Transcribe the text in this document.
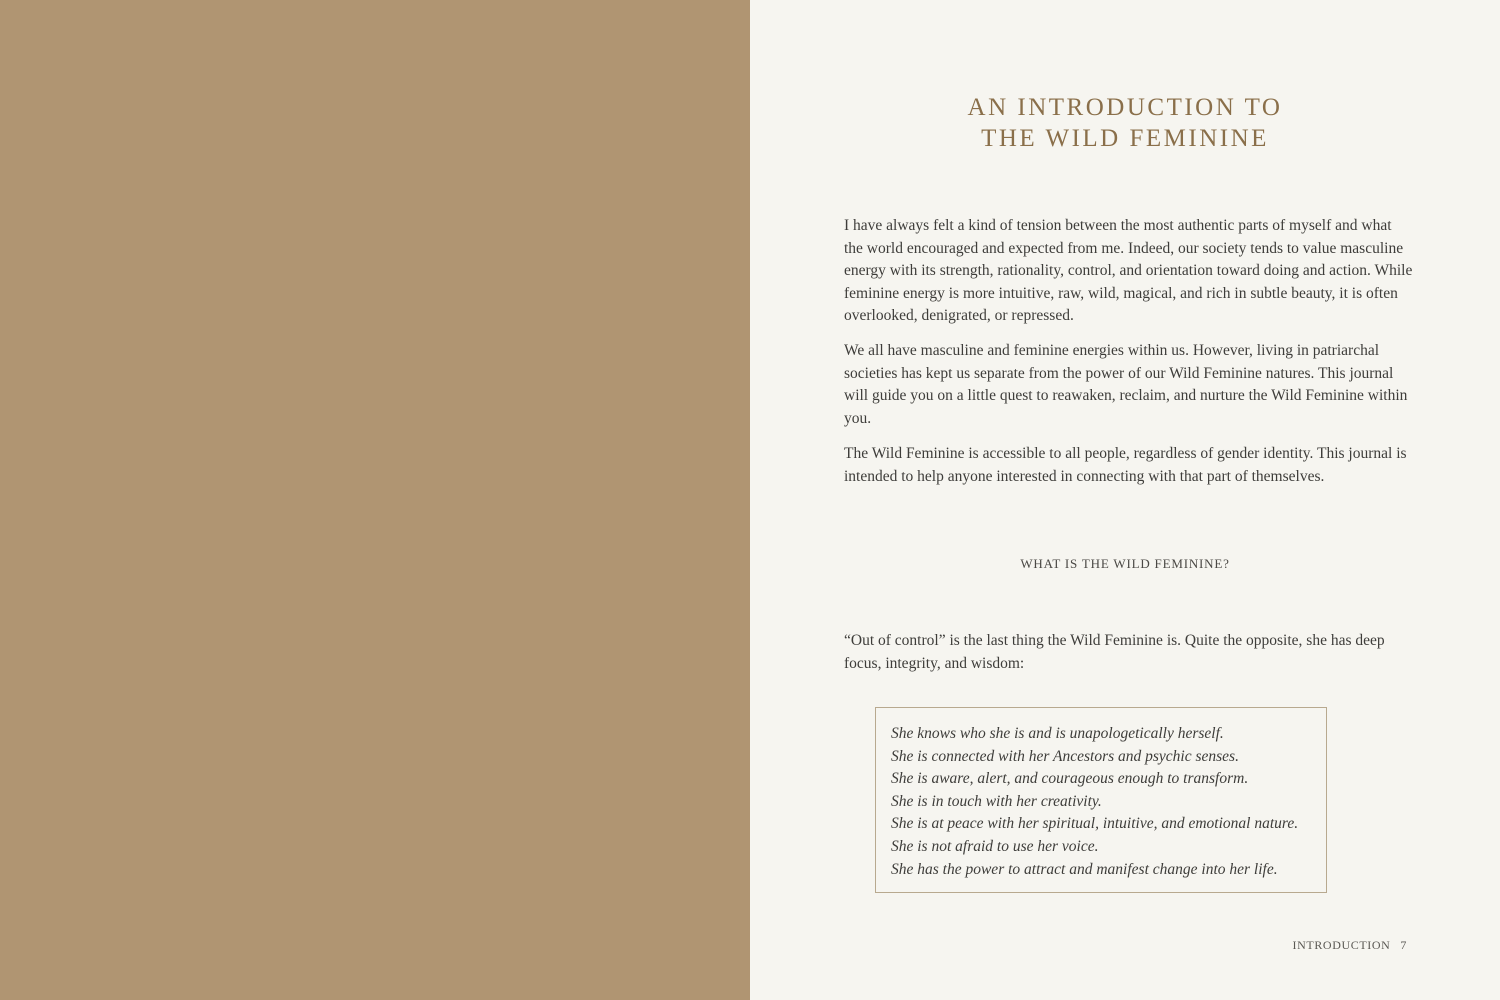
AN INTRODUCTION TO
THE WILD FEMININE

I have always felt a kind of tension between the most authentic parts of myself and what the world encouraged and expected from me. Indeed, our society tends to value masculine energy with its strength, rationality, control, and orientation toward doing and action. While feminine energy is more intuitive, raw, wild, magical, and rich in subtle beauty, it is often overlooked, denigrated, or repressed.

We all have masculine and feminine energies within us. However, living in patriarchal societies has kept us separate from the power of our Wild Feminine natures. This journal will guide you on a little quest to reawaken, reclaim, and nurture the Wild Feminine within you.

The Wild Feminine is accessible to all people, regardless of gender identity. This journal is intended to help anyone interested in connecting with that part of themselves.

WHAT IS THE WILD FEMININE?

“Out of control” is the last thing the Wild Feminine is. Quite the opposite, she has deep focus, integrity, and wisdom:

She knows who she is and is unapologetically herself.
She is connected with her Ancestors and psychic senses.
She is aware, alert, and courageous enough to transform.
She is in touch with her creativity.
She is at peace with her spiritual, intuitive, and emotional nature.
She is not afraid to use her voice.
She has the power to attract and manifest change into her life.
INTRODUCTION 7
